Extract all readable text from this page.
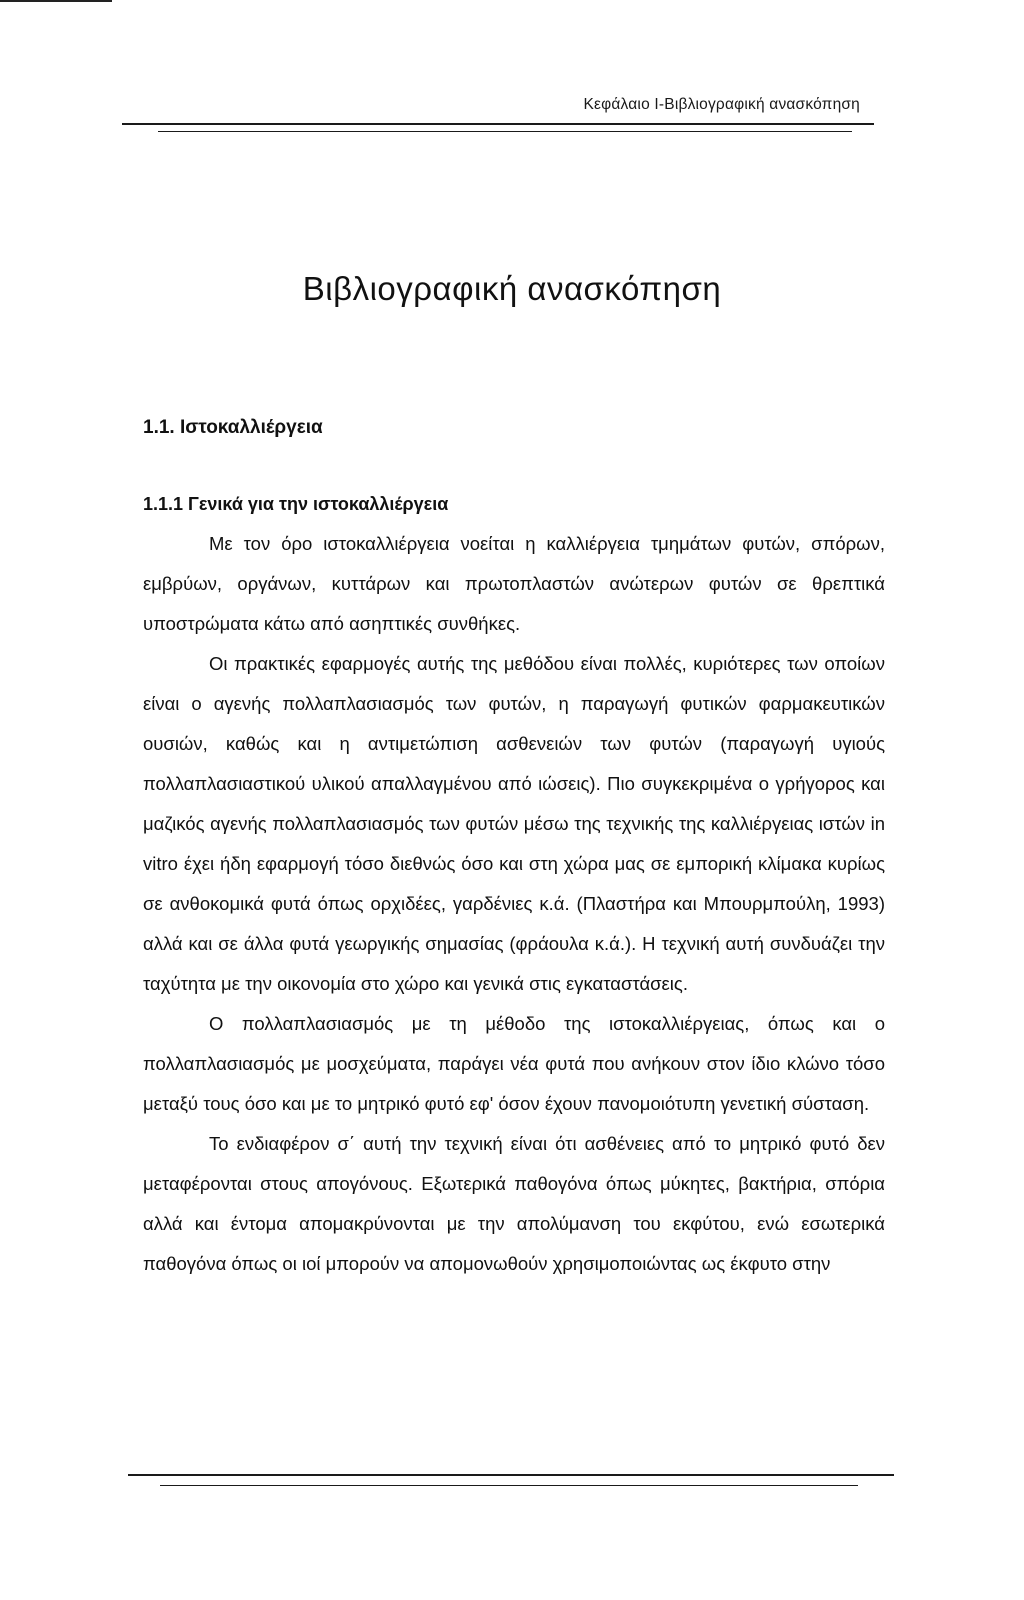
Κεφάλαιο Ι-Βιβλιογραφική ανασκόπηση
Βιβλιογραφική ανασκόπηση
1.1. Ιστοκαλλιέργεια
1.1.1 Γενικά για την ιστοκαλλιέργεια

Με τον όρο ιστοκαλλιέργεια νοείται η καλλιέργεια τμημάτων φυτών, σπόρων, εμβρύων, οργάνων, κυττάρων και πρωτοπλαστών ανώτερων φυτών σε θρεπτικά υποστρώματα κάτω από ασηπτικές συνθήκες.

Οι πρακτικές εφαρμογές αυτής της μεθόδου είναι πολλές, κυριότερες των οποίων είναι ο αγενής πολλαπλασιασμός των φυτών, η παραγωγή φυτικών φαρμακευτικών ουσιών, καθώς και η αντιμετώπιση ασθενειών των φυτών (παραγωγή υγιούς πολλαπλασιαστικού υλικού απαλλαγμένου από ιώσεις). Πιο συγκεκριμένα ο γρήγορος και μαζικός αγενής πολλαπλασιασμός των φυτών μέσω της τεχνικής της καλλιέργειας ιστών in vitro έχει ήδη εφαρμογή τόσο διεθνώς όσο και στη χώρα μας σε εμπορική κλίμακα κυρίως σε ανθοκομικά φυτά όπως ορχιδέες, γαρδένιες κ.ά. (Πλαστήρα και Μπουρμπούλη, 1993) αλλά και σε άλλα φυτά γεωργικής σημασίας (φράουλα κ.ά.). Η τεχνική αυτή συνδυάζει την ταχύτητα με την οικονομία στο χώρο και γενικά στις εγκαταστάσεις.

Ο πολλαπλασιασμός με τη μέθοδο της ιστοκαλλιέργειας, όπως και ο πολλαπλασιασμός με μοσχεύματα, παράγει νέα φυτά που ανήκουν στον ίδιο κλώνο τόσο μεταξύ τους όσο και με το μητρικό φυτό εφ' όσον έχουν πανομοιότυπη γενετική σύσταση.

Το ενδιαφέρον σ΄ αυτή την τεχνική είναι ότι ασθένειες από το μητρικό φυτό δεν μεταφέρονται στους απογόνους. Εξωτερικά παθογόνα όπως μύκητες, βακτήρια, σπόρια αλλά και έντομα απομακρύνονται με την απολύμανση του εκφύτου, ενώ εσωτερικά παθογόνα όπως οι ιοί μπορούν να απομονωθούν χρησιμοποιώντας ως έκφυτο στην
